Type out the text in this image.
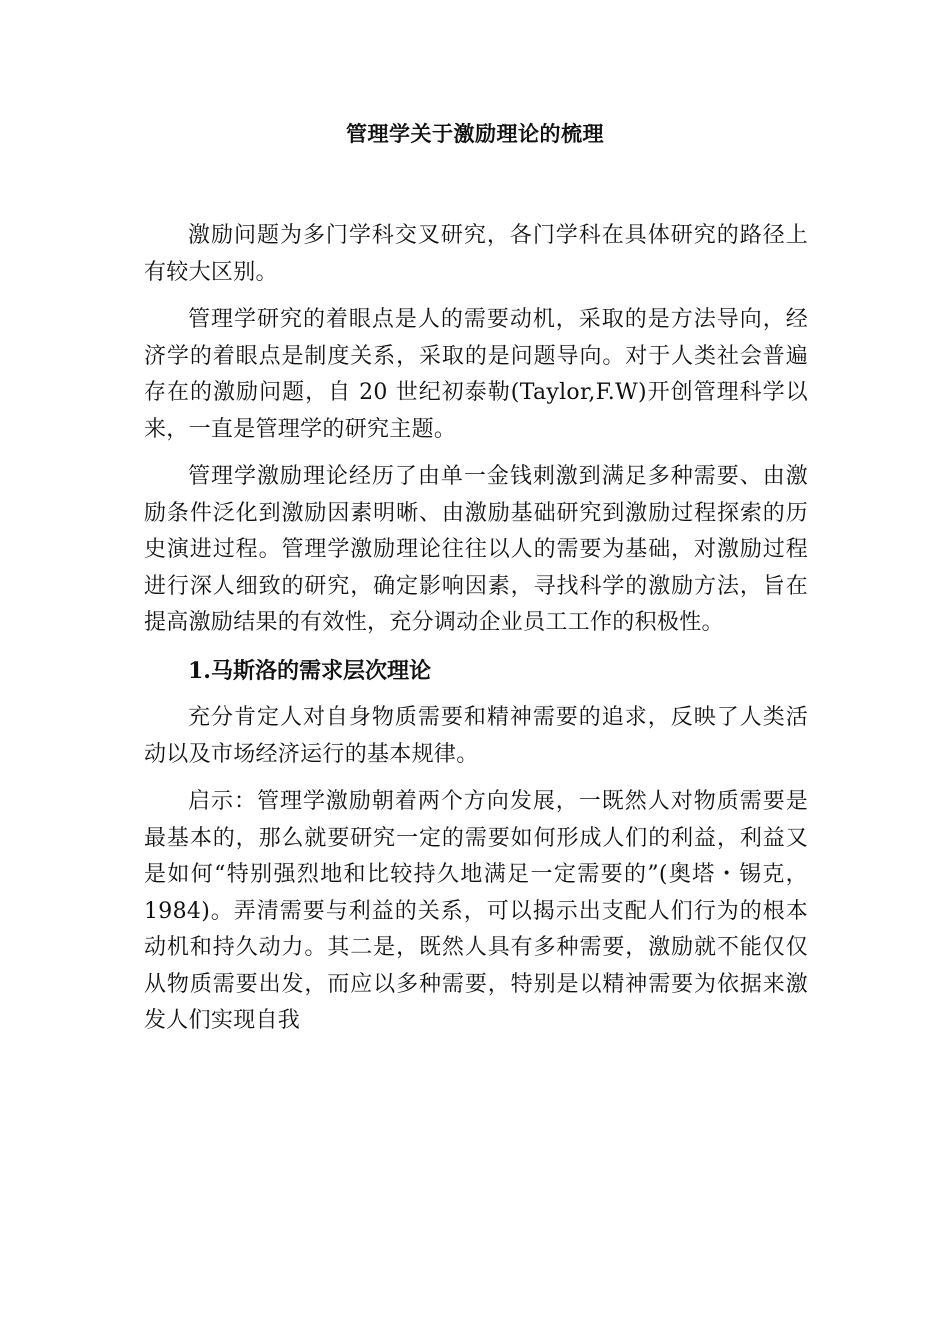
管理学关于激励理论的梳理

激励问题为多门学科交叉研究，各门学科在具体研究的路径上有较大区别。

管理学研究的着眼点是人的需要动机，采取的是方法导向，经济学的着眼点是制度关系，采取的是问题导向。对于人类社会普遍存在的激励问题，自 20 世纪初泰勒(Taylor,F.W)开创管理科学以来，一直是管理学的研究主题。

管理学激励理论经历了由单一金钱刺激到满足多种需要、由激励条件泛化到激励因素明晰、由激励基础研究到激励过程探索的历史演进过程。管理学激励理论往往以人的需要为基础，对激励过程进行深人细致的研究，确定影响因素，寻找科学的激励方法，旨在提高激励结果的有效性，充分调动企业员工工作的积极性。

1.马斯洛的需求层次理论

充分肯定人对自身物质需要和精神需要的追求，反映了人类活动以及市场经济运行的基本规律。

启示：管理学激励朝着两个方向发展，一既然人对物质需要是最基本的，那么就要研究一定的需要如何形成人们的利益，利益又是如何“特别强烈地和比较持久地满足一定需要的”(奥塔・锡克，1984)。弄清需要与利益的关系，可以揭示出支配人们行为的根本动机和持久动力。其二是，既然人具有多种需要，激励就不能仅仅从物质需要出发，而应以多种需要，特别是以精神需要为依据来激发人们实现自我
